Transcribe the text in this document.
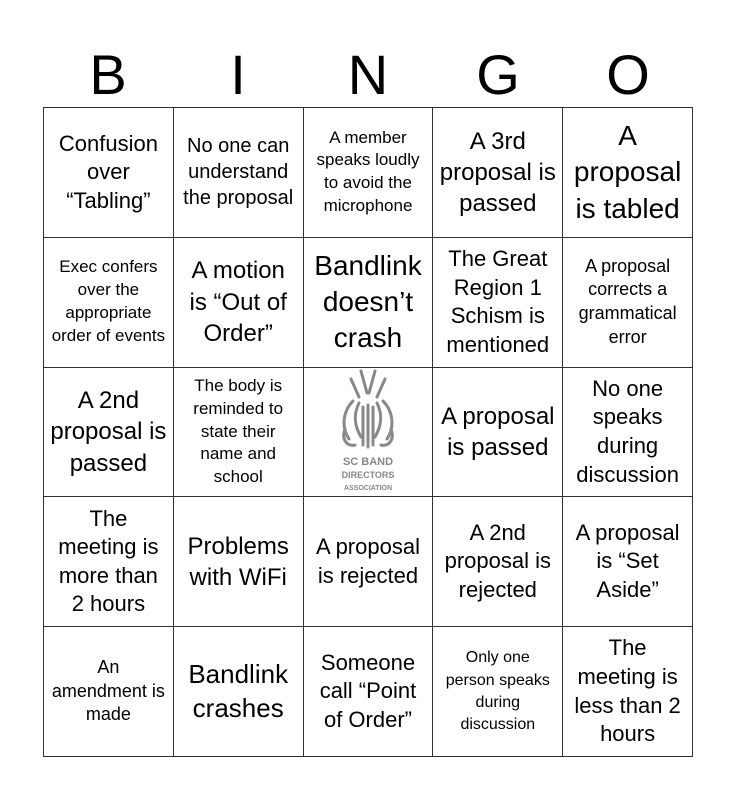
B	I	N	G	O
Confusion over “Tabling”
No one can understand the proposal
A member speaks loudly to avoid the microphone
A 3rd proposal is passed
A proposal is tabled
Exec confers over the appropriate order of events
A motion is “Out of Order”
Bandlink doesn’t crash
The Great Region 1 Schism is mentioned
A proposal corrects a grammatical error
A 2nd proposal is passed
The body is reminded to state their name and school
SC BAND
DIRECTORS
ASSOCIATION
A proposal is passed
No one speaks during discussion
The meeting is more than 2 hours
Problems with WiFi
A proposal is rejected
A 2nd proposal is rejected
A proposal is “Set Aside”
An amendment is made
Bandlink crashes
Someone call “Point of Order”
Only one person speaks during discussion
The meeting is less than 2 hours
